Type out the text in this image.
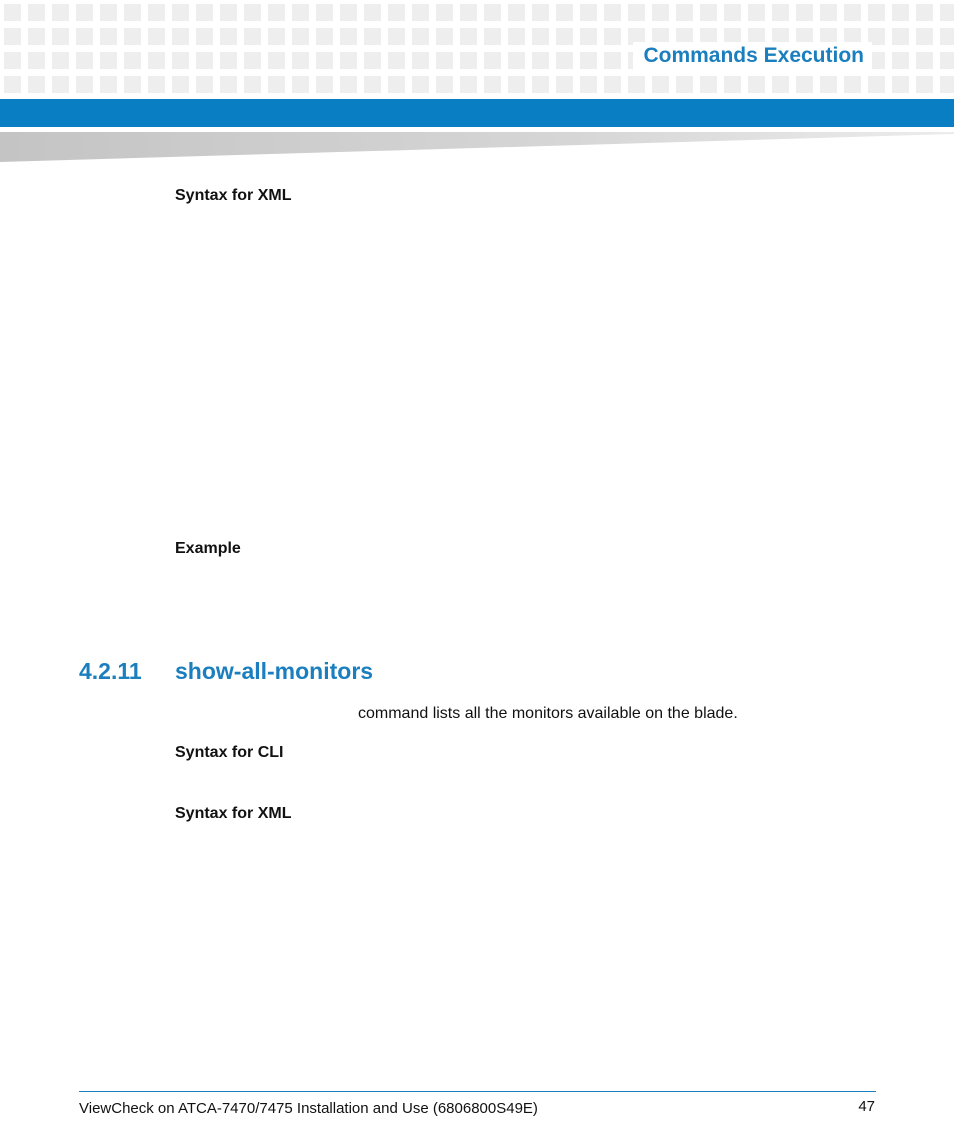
Commands Execution
Syntax for XML
Example
4.2.11 show-all-monitors
command lists all the monitors available on the blade.
Syntax for CLI
Syntax for XML
ViewCheck on ATCA-7470/7475 Installation and Use (6806800S49E)	47
